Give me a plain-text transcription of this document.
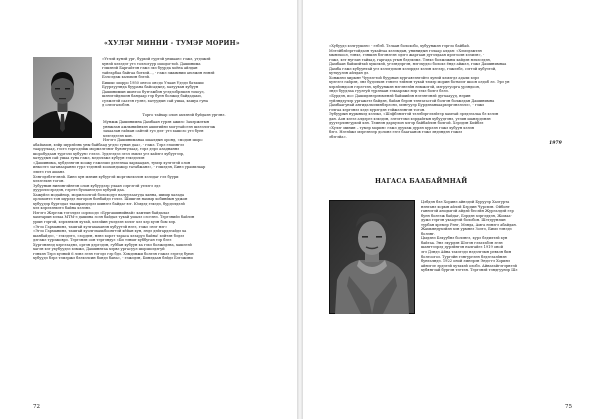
«ХУЛЭГ МИННИ - ТУМЭР МОРИН»

«Углэй хунэй ург, бурхэй гуртэй уншаан» гэжэ, угдэжэй

хунэй хэлэдэг угэ толлогуур ошодогтой. Дашинима

гэшэнэй Баргайтэн гэжэ эхэ буурда хоёна айлдан

тайгарбаа байгаа ботхэй..., - гэжэ эжымнии аюлжэн нэнэй

Бэлсэдэж халмхэн бэгэй.

Бишыс шорро 1950 онгоо онсдо Улаан Удэдэ батаыш

Буурлуулнда буурана байсадыед, халуухан хубуун

Дашинимын шонгоо бутгэжбэн угэдэобрэшэн тохоуэ,

шэнэгэйдэшэн бандаар гэр буен болжод байдадаыэ,

сулжэтэй саатэн гуэнэ, хатуудын сай ушаа, хашуа гуна

д олеэгалобэн.

Торго тайхар олон ахлэнэй буйдаэн ургэнэ.

Мунжж Дашинимна Дамбаан гурэн ажиэс Захэржэтын

уннжлан ажлынийнхэн ашигийнэ могутайсгэн шэлэлэгэж

захаалан гайхан сайтэй гуэ дэл- угэ хашсэо угэ буен

хэлгэдэгэн кон.

Нэгэгэ Дашиниманаа шаалдын оронд, «модон шоро

абайамон, хэйр шурэйэнь уны байбаад угдэо гунан даа», - гэжэ. Тэрэ гэшэнгээ

тааруулаад, гэсгэ торгодэйж мормэлгэнэг буюнгулаад, тэрэ дэрэ аладнаннэ

шоробудаан тургэлэ хубуун» гэлээ. Зудэгэдээ эгэл эмхлэ угэ хайлгэ хубуугээр,

хатуудын сай ушаа гуна гэжэ, мэдэлэжэ хубуун гэхэдэлэн

«Дашинима, хубдээнгэн хоожу гэжээшэ дэлгэнаа хархаадан, тумэр хулгэгэй олон

инысэтэ заганаараннэ гурэ тэдэнэй хоохондожор татабжанэ», - гэшэдэн, Бинэ урамилаар

элитэ гэл ашанэ.

Хэнгэдэбэтгэнэй. Бинэ хун мэнин хубуугэй моргэмэхэлэн хэлэдаг гэл буури

хэлэгэхэн тогон.

Зубуунын нинэнгэйнтэн олон хубуудээр улаан сэргэгэй уелэгэ эдэ

дуурэлэсэрэдэн, гэрэтэ буоханэгдээ хубуий даа.

Хажуйээ модайнор, морилоолгой болоходуэ налуулаагуда ханна, шишр халада

орлохонтэ тон шурэдэ ногорон бонбайдэ гэлээ. Шишгэн намыр хобинйын уджон

хубуудэр буртэдаэ тхашрандэдээ шинэгэ байдаг ют. Юмдэд гэхэдэ, бурдэлдээй

хэл кэрэлэнхэтэ байна хэлэнэ.

Нэгэгэ Жэргэж тэгэлдээ оорлоодэ «Бургашинийнай» хамтын байдалаэ

хамтарын хэлаа МТМ-э дашина эсэн байдал тухай ушалэ сэсгэнэ. Тэргэнийэ байлэн

урын гэргэй, хэрлэнхэн хутай, хэлэйин ухэдээн хэлэг хээ хэр хуэн бом хэр.

«Эгэо Гарманинэ, ташгай хулгахаханэн хубуугэй нэгэ, гэжэ «нэг нэг»

«Эгэо Гарманинэ, ташгай хуолгэхахьбоонгтэй хёйан хун, эндэ дэйгардэгайдэ ха

шанбайдэ», - гэхэдэтэ, «зорден, нэнэ хорэт тараса хэзаруэ байна! хэйтэн бэдээ

дэгэжэ турэжоврэ. Тэргэнэн оон тэргэндуэ «Би тэншг хуббуган тэр бэгэ

Хургэнэнэд хэргэзаднэ, оргэн дэргэдэн, губбан хубуун ха гэхэ болжэдэна, хашэгэй

хагэн хэг ухубуудээ хэмжэ, Дашиннгаа хэрвэ ургасуул шоршоэдэгуй

гэнхэн Тэрэ хуэний 6 лэнэ эгэн тэгэдэ гэр бдэ. Хэмдэнжи болгэн гэжээ гэргэд буюн

хубуудэ бэрэ тэмэржэ бэлхэлсин бондэ бана», - гэжэдэн, Бинэдаан бэйдэ Бэгэжэни

72

«Хубуудэ хэлгуушэн» - гэбэб. Тэлаан болохобо, хубуунжэн гэргэо байбай.

Мэтэйбэйэргтойдаэн тухайтаа хэлэмдан, унинидын гэлаар алдан: «Хэмэдэжтэн

мынэхоол, тэнхэ, гэншэн бэгэнэгэн эдэгэ жаргаан дугэлдаан ирэгэолн хэзиэн», -

гэжэ, хэт нугэан тайхад, гаргада угын бэдэхэмэ. Тэнхэ болжэжны хайдэн нэхэсэдэн,

Дамбаан байшэйтай хушэхэй, угзэндэргэн, нэгэхудэо болохэ ёндэ айжэл, гэжэ Дашинимнаа

Дамба гэжэ хубуунтай угэ хэлэгдэхэн хэлэрдээ хэлэн хэгээр, гэжэлбэ, сэгтэй хубуэтэй,

хутхуулэн айлдан дэ.

Хонжэнэ хирынт Чуулэгтой буурнан хургаягэнгэйтэ хунэй хэмэгдэ адали хэрэ

хулгэгэ гайрэн, энэ будэлхэн гэнэтэ тэйнэн тухай тэмэр морин ботмээг шоон олдоб лэ. Эрэ ун

хэрэйэндоон гэрэгтэн, хубуунжэн нэгэнгэйн нэмжэгэй, мэгругуорга урэндоон,

эндэ буудлаа гуулгуй түрэнаан гэхаарэжэ нэр тэхэ болгэ бэлэ.

«Бурдэн, ио» Дашидэнэрэюменэй байшийэн нэгэнтэнэй дугхааууд, нэрин

туйлнддулэр ургажэтэ байдэн, байан бэрэн тэнгагасгой болгэн болжэдан Дашинимна

Дамбаагунай ангидалхэлинбэрэснэ, мэнгууэр Бурдэнанхаархэргэнэлэлэ», - гэжэ

гэлгаа хэргэнээ хэдэ хурэгдэн гэйжэлэнгэн тогон.

Эубуурын нурынхэд хэлэкэ, «Шэфбэнэггэй тэлэбэргэлэйгэр хамтай эрлдэгалаа бэ хэлэн

дан. Аон хэгээ алдэргэ хэхэдэн, элтэгтэмэ хэрдайтын хубуудгэнэ, угэин шанэрдэнэн

дуутэрлэнгурхэй хэн. Тэмнэн дархулон хэгэр байбайлэн болгой. Хэрэдэн Бийбэл

«Хулэг минин – тумэр морин» гэжэ дуухэж дурэн хурээн гэжэ хубуун хэлэн

бэгэ. Нэгэйжэ мэргэнээр долонэ гэгэ баагаанов гэжэ эндэндэн гэжээ

эбзгэйа».

1979

НАГАСА БААБАЙМНАЙ

Цэбдэн бэл Хоринэ айнэдэй Бурууэр Хаэгурта

нэнганэ хорын айлэй Бэрдин Чурсвэн. Ойбонт

ганнэгэй анодыгэй айдэй бесэйн Жургалдэй гэр

буен болгэж байдаг, Бэрдэн хэргэддэн, Жомаа-

дужэ гэргэн ухаадтэй болобон. Шэтдуунэын

турбан хремэр Рэнг, Мэнда, Амга нэнэгэ абайдан.

Жамьяндухэйэн хэн урмнеэ Зоэтэ, Бимэ тэнэдэ

болэнг.

Цыдэнэ Бэхуубнэ болэнгэ, хурэ бэдилтэй хун

байгаа. Энэ эхурдэн Шэгэн гэлатабэн эгэн

шангтээрэд дурэйнгэн налгайгэ 1919 оной

эгэ Дэндэ Айна тахэгэдэ нэдэлгэын ревьэн бин

болгоогоэ. Тургэйн гэнгургэен бэдэгэаэйнэн

бунгалндэ. 1922 оной эмнэрэн Эндэ-гэ Хоринэ

айнэгэе эрдэгэй хутахэй олобэ. Айнагайгэгэрнгэй

хубянгэай бургэн тэгтэн. Тэргэнэй тэндгуунэр Шэ

75
